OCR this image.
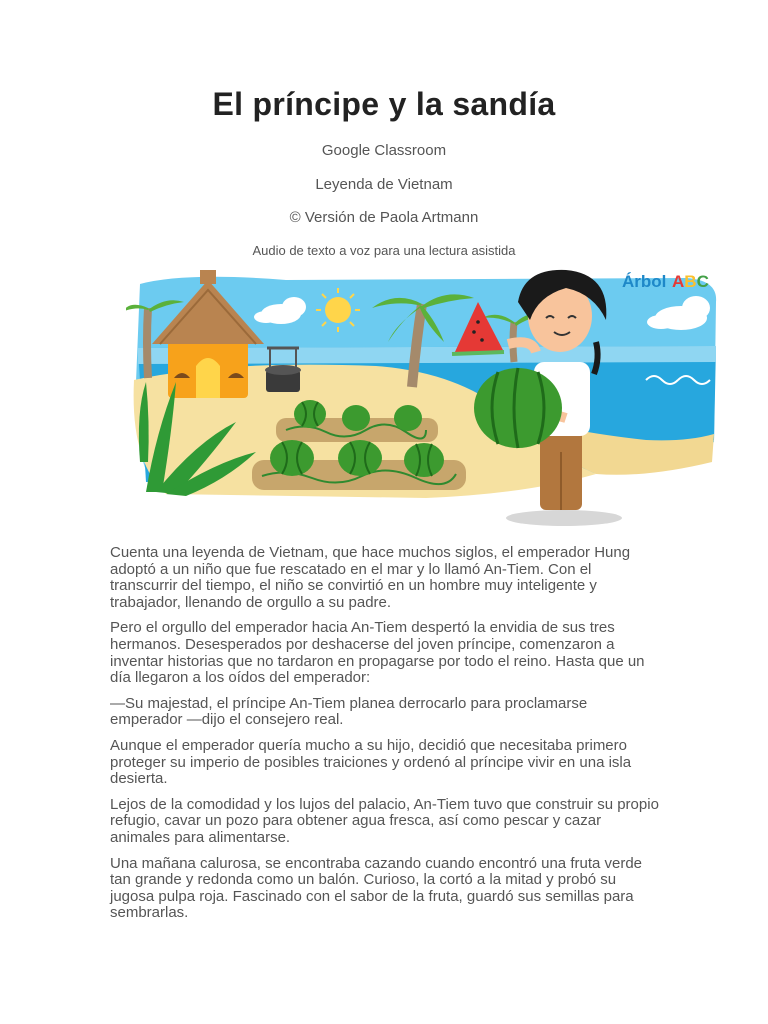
El príncipe y la sandía
Google Classroom
Leyenda de Vietnam
© Versión de Paola Artmann
Audio de texto a voz para una lectura asistida
Árbol ABC

Cuenta una leyenda de Vietnam, que hace muchos siglos, el emperador Hung adoptó a un niño que fue rescatado en el mar y lo llamó An-Tiem. Con el transcurrir del tiempo, el niño se convirtió en un hombre muy inteligente y trabajador, llenando de orgullo a su padre.

Pero el orgullo del emperador hacia An-Tiem despertó la envidia de sus tres hermanos. Desesperados por deshacerse del joven príncipe, comenzaron a inventar historias que no tardaron en propagarse por todo el reino. Hasta que un día llegaron a los oídos del emperador:

—Su majestad, el príncipe An-Tiem planea derrocarlo para proclamarse emperador —dijo el consejero real.

Aunque el emperador quería mucho a su hijo, decidió que necesitaba primero proteger su imperio de posibles traiciones y ordenó al príncipe vivir en una isla desierta.

Lejos de la comodidad y los lujos del palacio, An-Tiem tuvo que construir su propio refugio, cavar un pozo para obtener agua fresca, así como pescar y cazar animales para alimentarse.

Una mañana calurosa, se encontraba cazando cuando encontró una fruta verde tan grande y redonda como un balón. Curioso, la cortó a la mitad y probó su jugosa pulpa roja. Fascinado con el sabor de la fruta, guardó sus semillas para sembrarlas.
